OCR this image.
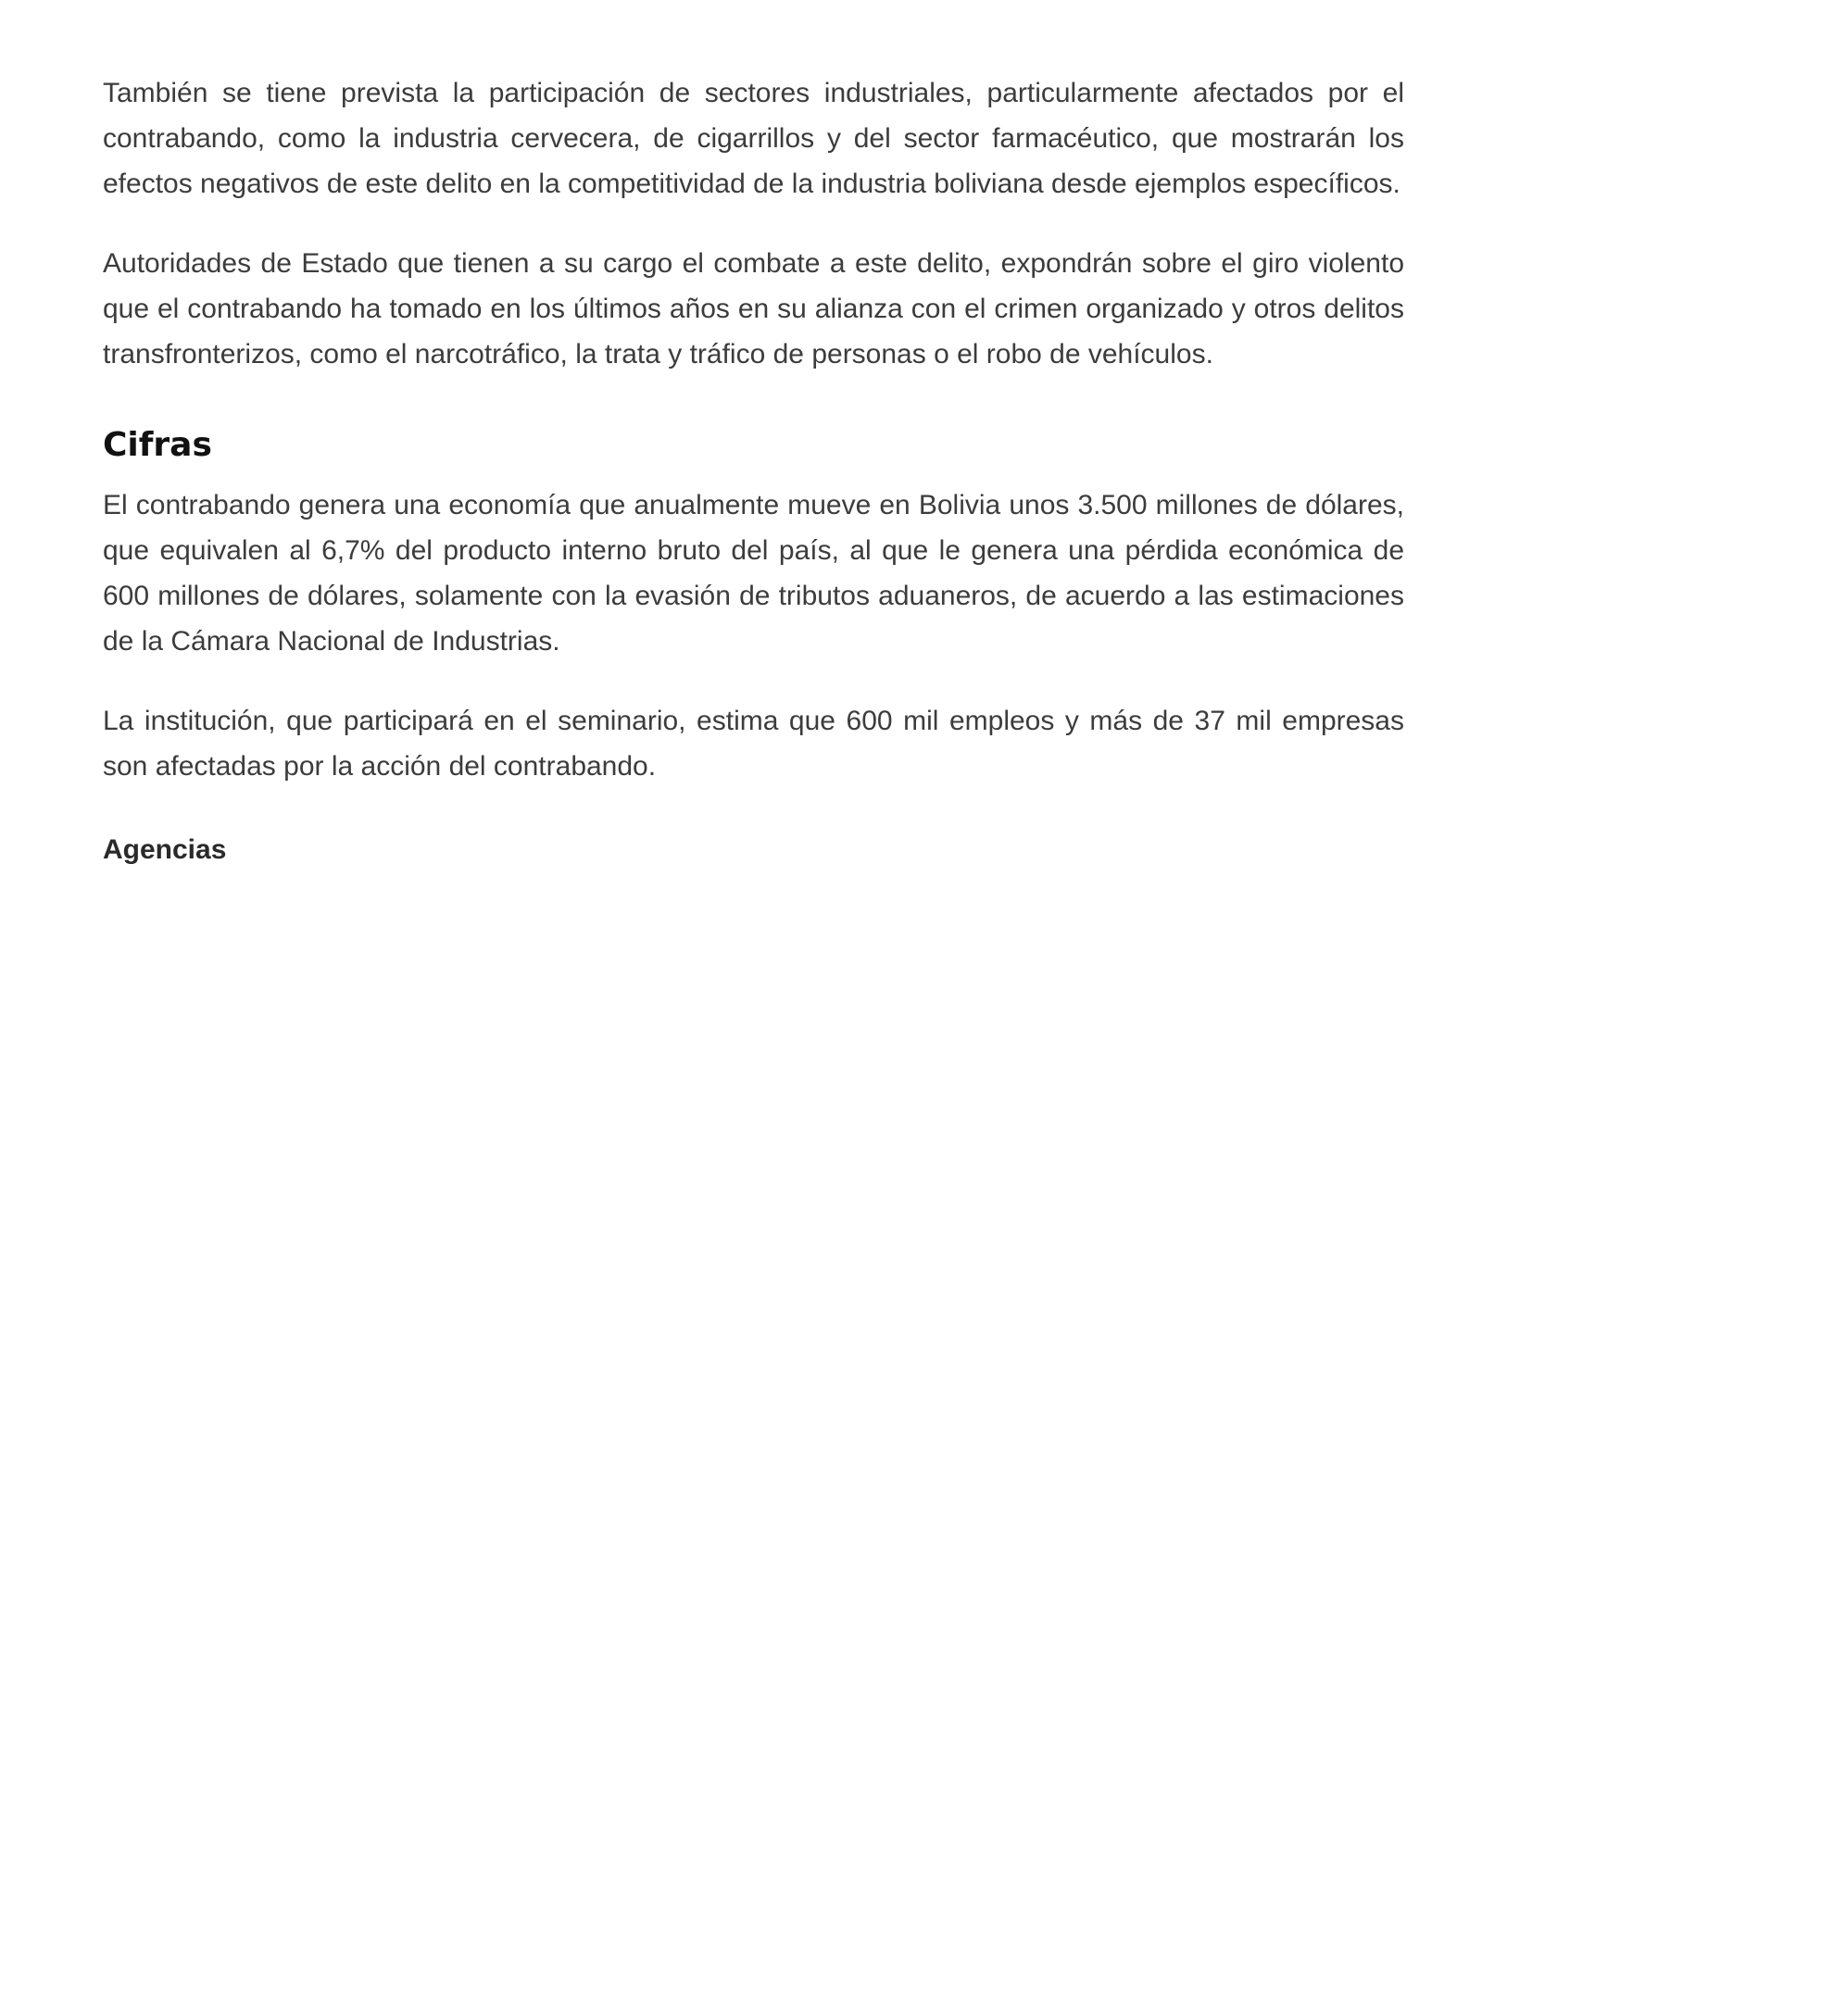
También se tiene prevista la participación de sectores industriales, particularmente afectados por el contrabando, como la industria cervecera, de cigarrillos y del sector farmacéutico, que mostrarán los efectos negativos de este delito en la competitividad de la industria boliviana desde ejemplos específicos.

Autoridades de Estado que tienen a su cargo el combate a este delito, expondrán sobre el giro violento que el contrabando ha tomado en los últimos años en su alianza con el crimen organizado y otros delitos transfronterizos, como el narcotráfico, la trata y tráfico de personas o el robo de vehículos.

Cifras

El contrabando genera una economía que anualmente mueve en Bolivia unos 3.500 millones de dólares, que equivalen al 6,7% del producto interno bruto del país, al que le genera una pérdida económica de 600 millones de dólares, solamente con la evasión de tributos aduaneros, de acuerdo a las estimaciones de la Cámara Nacional de Industrias.

La institución, que participará en el seminario, estima que 600 mil empleos y más de 37 mil empresas son afectadas por la acción del contrabando.

Agencias
